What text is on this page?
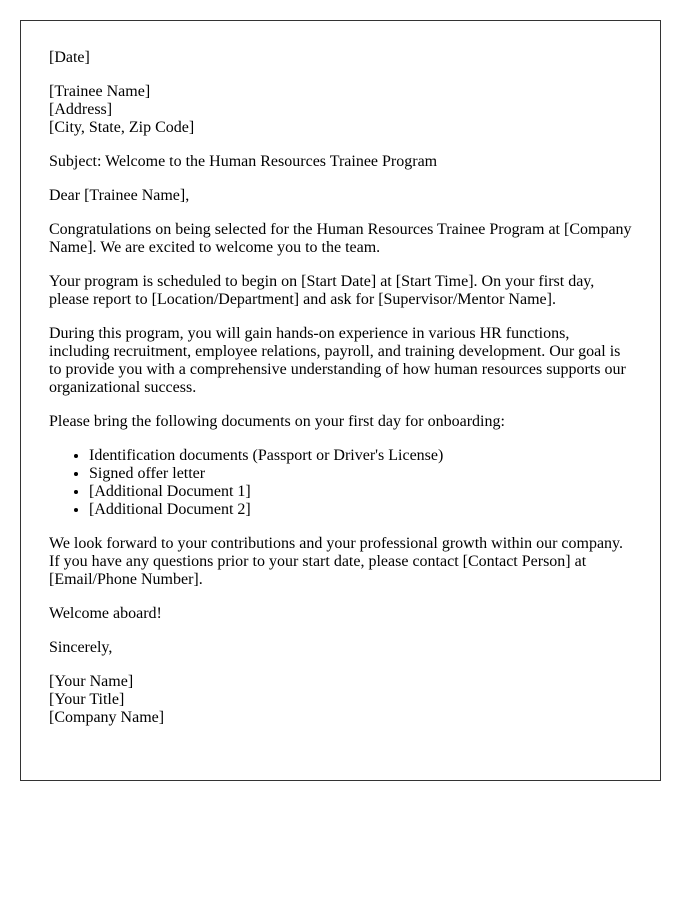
[Date]

[Trainee Name]
[Address]
[City, State, Zip Code]

Subject: Welcome to the Human Resources Trainee Program

Dear [Trainee Name],

Congratulations on being selected for the Human Resources Trainee Program at [Company Name]. We are excited to welcome you to the team.

Your program is scheduled to begin on [Start Date] at [Start Time]. On your first day, please report to [Location/Department] and ask for [Supervisor/Mentor Name].

During this program, you will gain hands-on experience in various HR functions, including recruitment, employee relations, payroll, and training development. Our goal is to provide you with a comprehensive understanding of how human resources supports our organizational success.

Please bring the following documents on your first day for onboarding:

• Identification documents (Passport or Driver's License)
• Signed offer letter
• [Additional Document 1]
• [Additional Document 2]

We look forward to your contributions and your professional growth within our company. If you have any questions prior to your start date, please contact [Contact Person] at [Email/Phone Number].

Welcome aboard!

Sincerely,

[Your Name]
[Your Title]
[Company Name]
